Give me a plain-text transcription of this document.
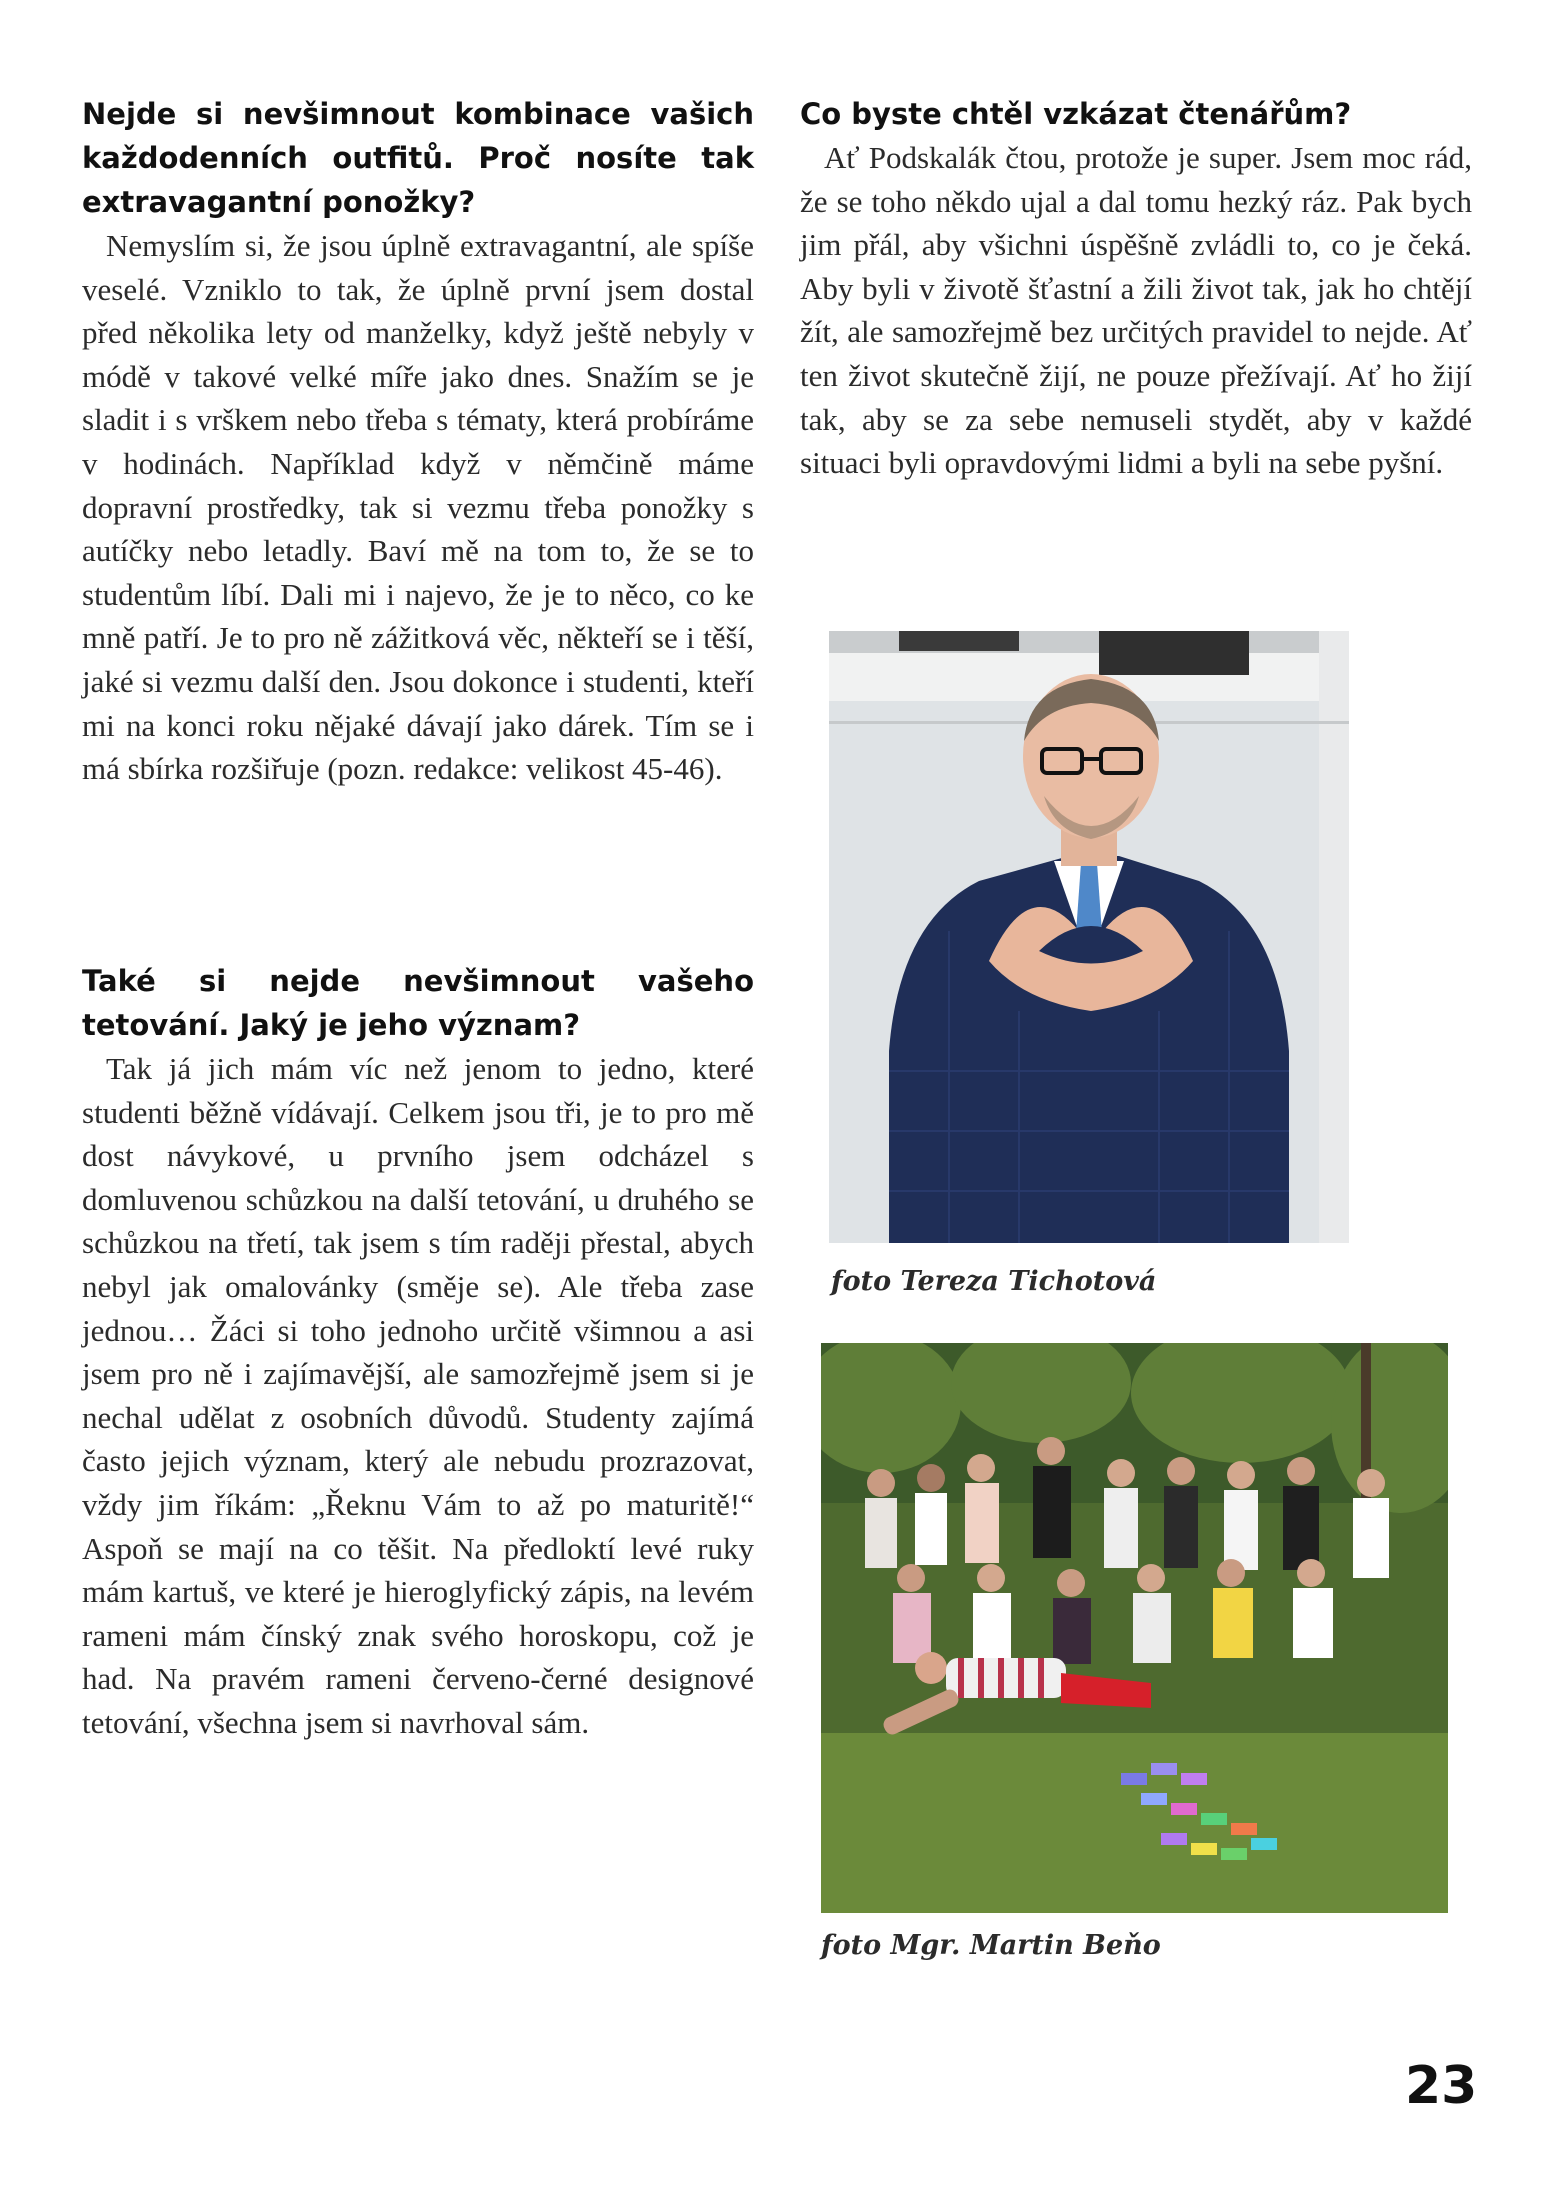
Nejde si nevšimnout kombinace vašich každodenních outfitů. Proč nosíte tak extravagantní ponožky?

Nemyslím si, že jsou úplně extravagantní, ale spíše veselé. Vzniklo to tak, že úplně první jsem dostal před několika lety od manželky, když ještě nebyly v módě v takové velké míře jako dnes. Snažím se je sladit i s vrškem nebo třeba s tématy, která probíráme v hodinách. Například když v němčině máme dopravní prostředky, tak si vezmu třeba ponožky s autíčky nebo letadly. Baví mě na tom to, že se to studentům líbí. Dali mi i najevo, že je to něco, co ke mně patří. Je to pro ně zážitková věc, někteří se i těší, jaké si vezmu další den. Jsou dokonce i studenti, kteří mi na konci roku nějaké dávají jako dárek. Tím se i má sbírka rozšiřuje (pozn. redakce: velikost 45-46).

Také si nejde nevšimnout vašeho tetování. Jaký je jeho význam?

Tak já jich mám víc než jenom to jedno, které studenti běžně vídávají. Celkem jsou tři, je to pro mě dost návykové, u prvního jsem odcházel s domluvenou schůzkou na další tetování, u druhého se schůzkou na třetí, tak jsem s tím raději přestal, abych nebyl jak omalovánky (směje se). Ale třeba zase jednou… Žáci si toho jednoho určitě všimnou a asi jsem pro ně i zajímavější, ale samozřejmě jsem si je nechal udělat z osobních důvodů. Studenty zajímá často jejich význam, který ale nebudu prozrazovat, vždy jim říkám: „Řeknu Vám to až po maturitě!“ Aspoň se mají na co těšit. Na předloktí levé ruky mám kartuš, ve které je hieroglyfický zápis, na levém rameni mám čínský znak svého horoskopu, což je had. Na pravém rameni červeno-černé designové tetování, všechna jsem si navrhoval sám.

Co byste chtěl vzkázat čtenářům?

Ať Podskalák čtou, protože je super. Jsem moc rád, že se toho někdo ujal a dal tomu hezký ráz. Pak bych jim přál, aby všichni úspěšně zvládli to, co je čeká. Aby byli v životě šťastní a žili život tak, jak ho chtějí žít, ale samozřejmě bez určitých pravidel to nejde. Ať ten život skutečně žijí, ne pouze přežívají. Ať ho žijí tak, aby se za sebe nemuseli stydět, aby v každé situaci byli opravdovými lidmi a byli na sebe pyšní.

foto Tereza Tichotová
foto Mgr. Martin Beňo
23
